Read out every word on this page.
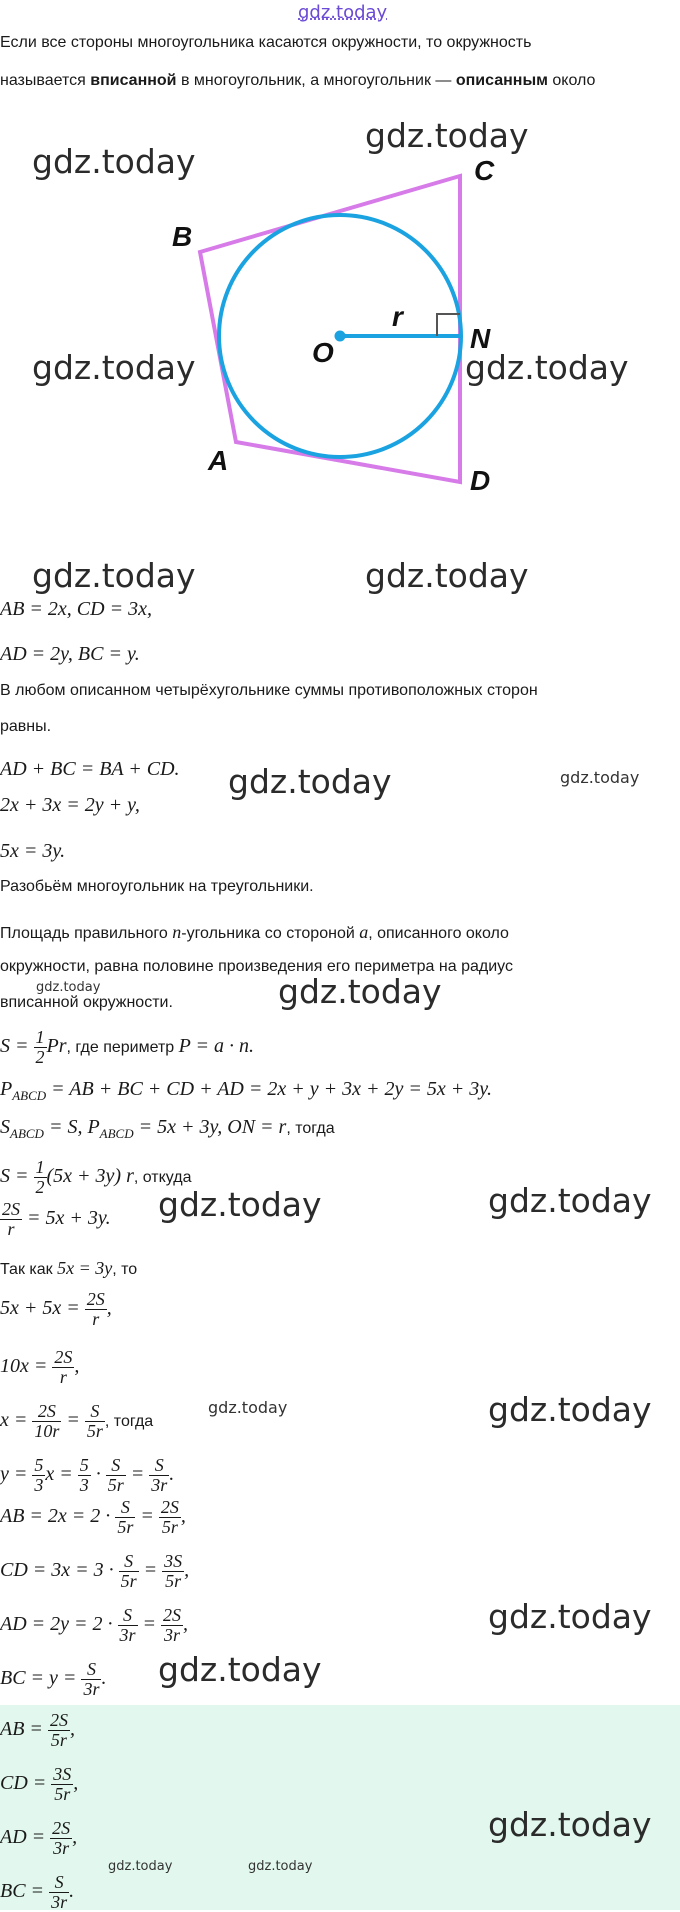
gdz.today
Если все стороны многоугольника касаются окружности, то окружность
называется вписанной в многоугольник, а многоугольник — описанным около
B
C
A
D
O	N
r
gdz.today
gdz.today
gdz.today	gdz.today
gdz.today	gdz.today
gdz.today
gdz.today
gdz.today	gdz.today
gdz.today
gdz.today
gdz.today
gdz.today
gdz.today
gdz.today
AB = 2x, CD = 3x,
AD = 2y, BC = y.
В любом описанном четырёхугольнике суммы противоположных сторон
равны.
AD + BC = BA + CD.
2x + 3x = 2y + y,
5x = 3y.
Разобьём многоугольник на треугольники.
Площадь правильного n-угольника со стороной a, описанного около
окружности, равна половине произведения его периметра на радиус
вписанной окружности.
$S = \frac{1}{2} Pr$, где периметр P = a · n.
$P_{ABCD}$ = AB + BC + CD + AD = 2x + y + 3x + 2y = 5x + 3y.
$S_{ABCD} = S$, $P_{ABCD} = 5x + 3y$, ON = r, тогда
$S = \frac{1}{2} (5x + 3y)$ r, откуда
$\frac{2S}{r} = 5x + 3y$.
Так как 5x = 3y, то
$5x + 5x = \frac{2S}{r}$ ,
$10x = \frac{2S}{r}$ ,
$x = \frac{2S}{10r} = \frac{S}{5r}$ , тогда
$y = \frac{5}{3}$ $x = \frac{5}{3} \cdot \frac{S}{5r} = \frac{S}{3r}$ .
AB = $2x = 2 \cdot \frac{S}{5r} = \frac{2S}{5r}$ ,
CD = $3x = 3 \cdot \frac{S}{5r} = \frac{3S}{5r}$ ,
AD = $2y = 2 \cdot \frac{S}{3r} = \frac{2S}{3r}$ ,
BC = $y = \frac{S}{3r}$ .
AB = $\frac{2S}{5r}$ ,
CD = $\frac{3S}{5r}$ ,
AD = $\frac{2S}{3r}$ ,
BC = $\frac{S}{3r}$ .
gdz.today
gdz.today	gdz.today
